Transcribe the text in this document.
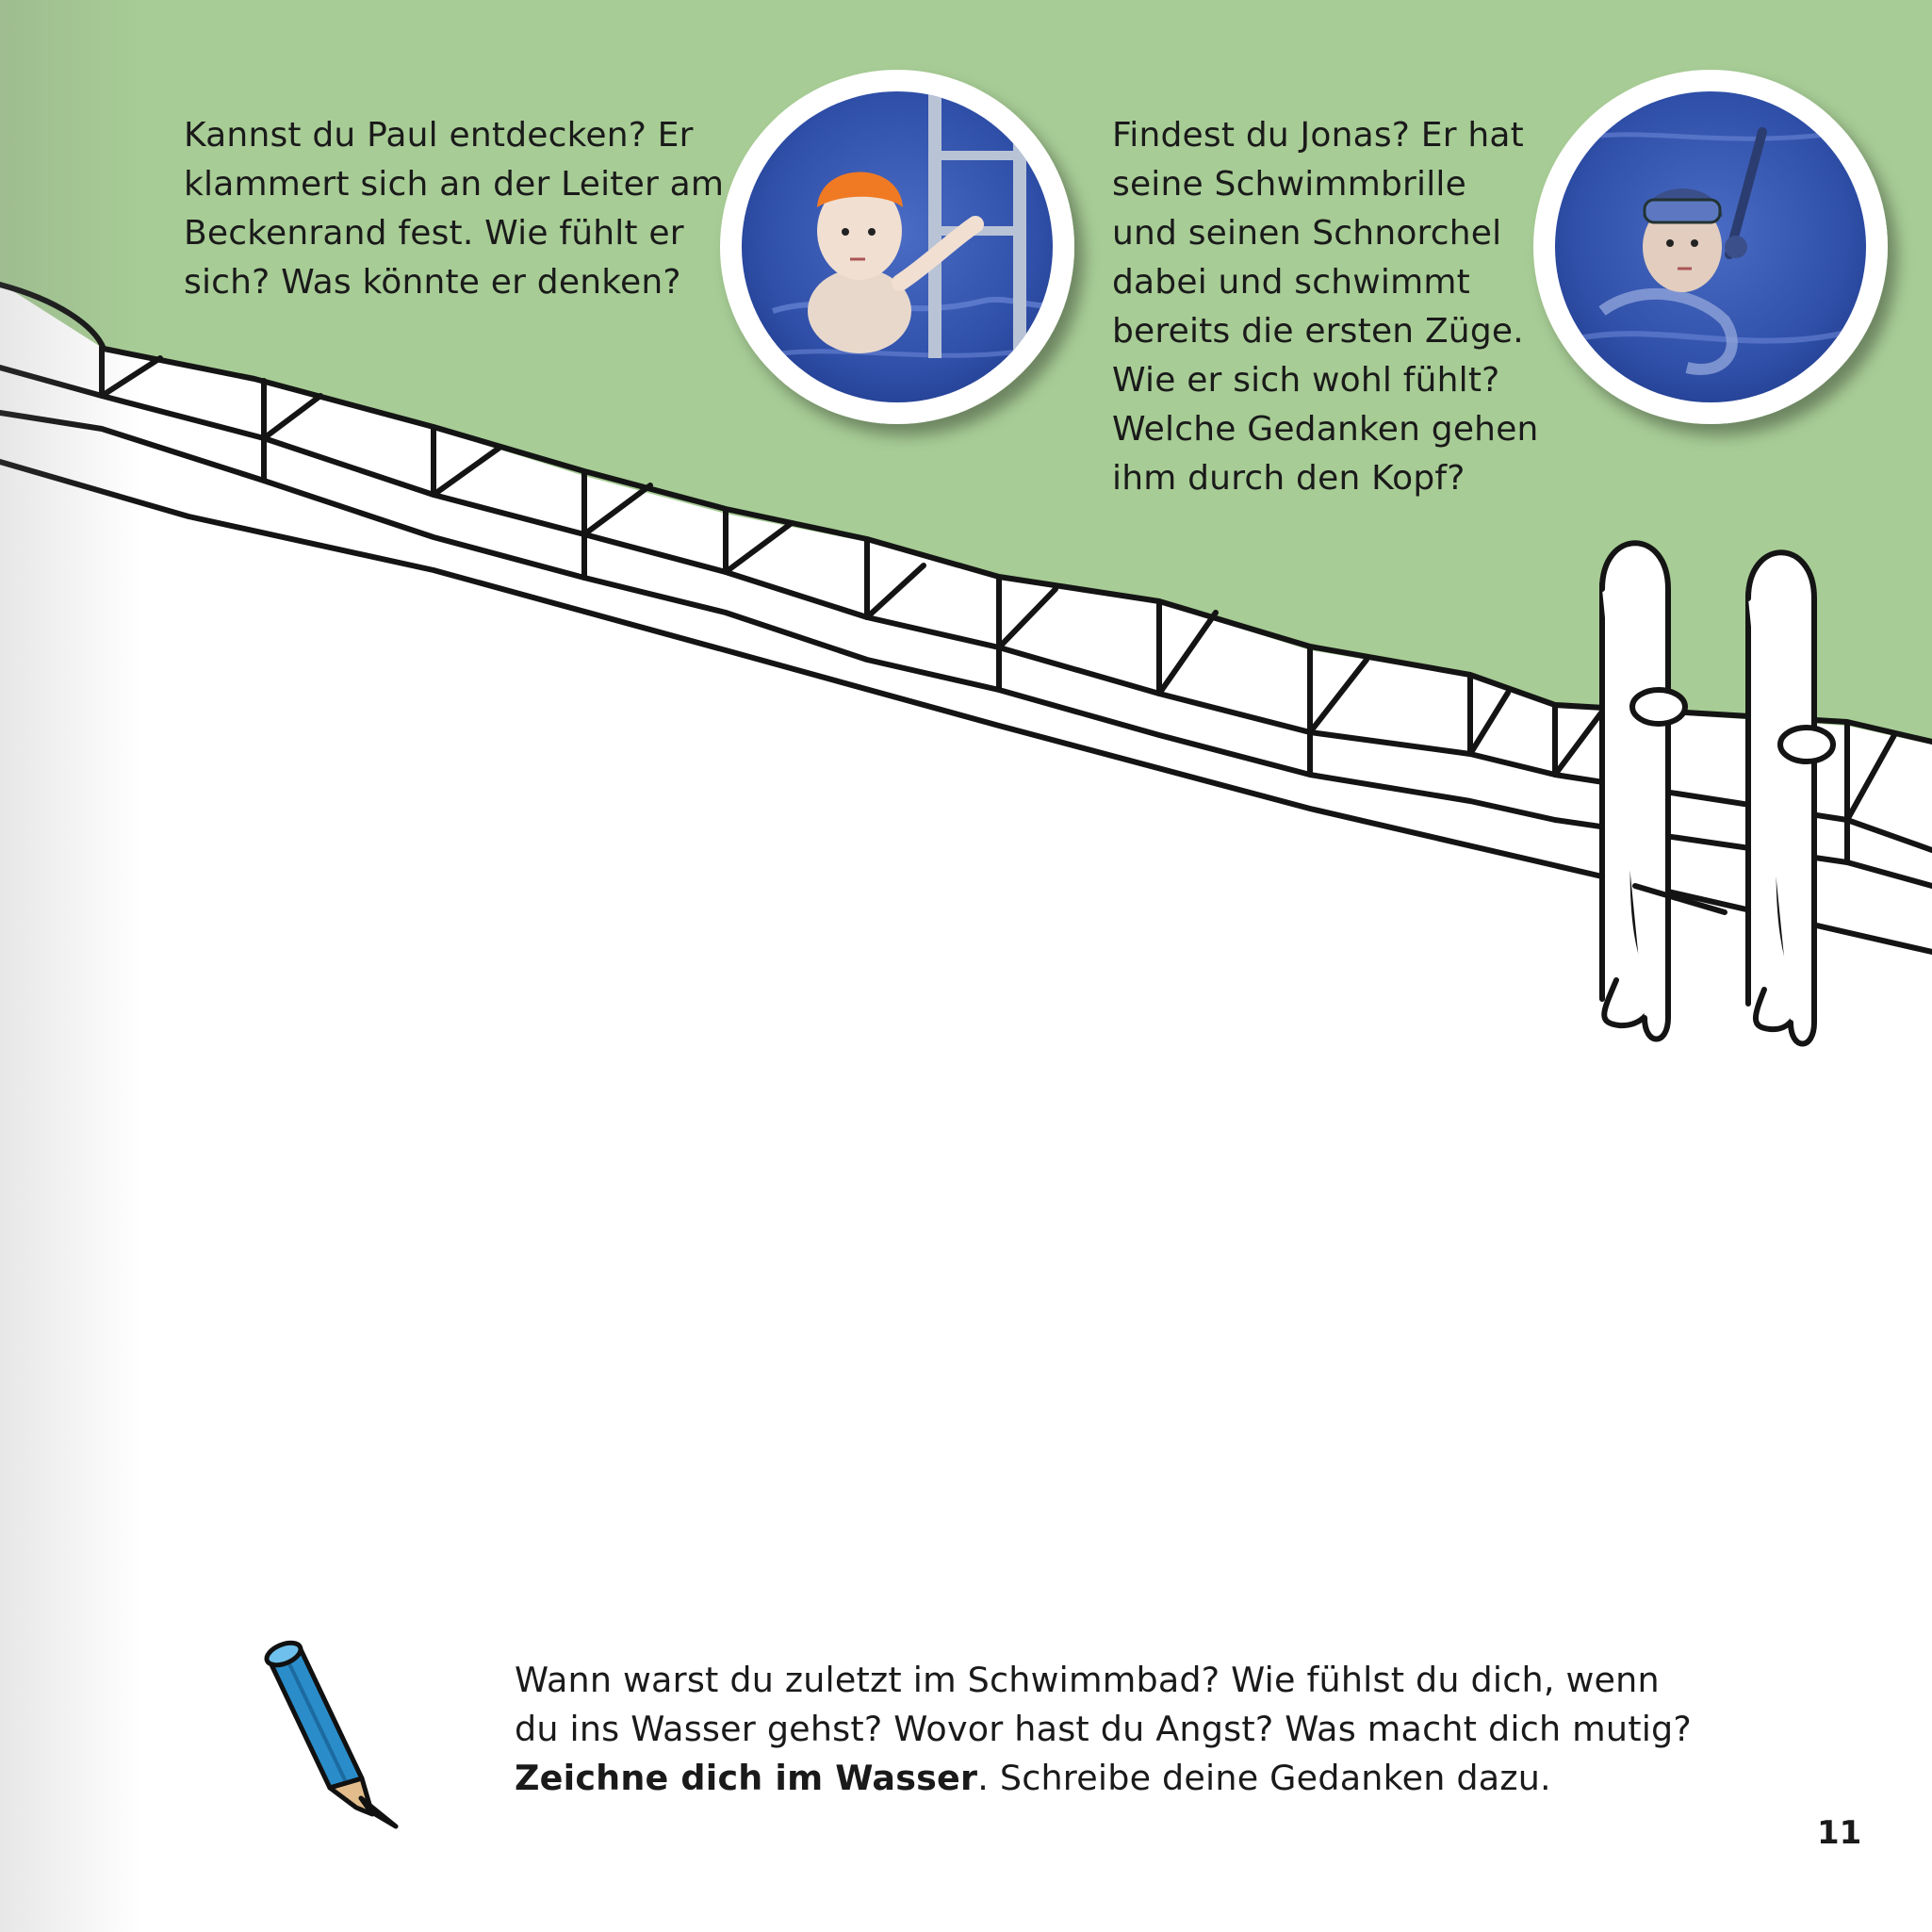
Kannst du Paul entdecken? Er
klammert sich an der Leiter am
Beckenrand fest. Wie fühlt er
sich? Was könnte er denken?
Findest du Jonas? Er hat
seine Schwimmbrille
und seinen Schnorchel
dabei und schwimmt
bereits die ersten Züge.
Wie er sich wohl fühlt?
Welche Gedanken gehen
ihm durch den Kopf?
Wann warst du zuletzt im Schwimmbad? Wie fühlst du dich, wenn
du ins Wasser gehst? Wovor hast du Angst? Was macht dich mutig?
Zeichne dich im Wasser. Schreibe deine Gedanken dazu.
11
